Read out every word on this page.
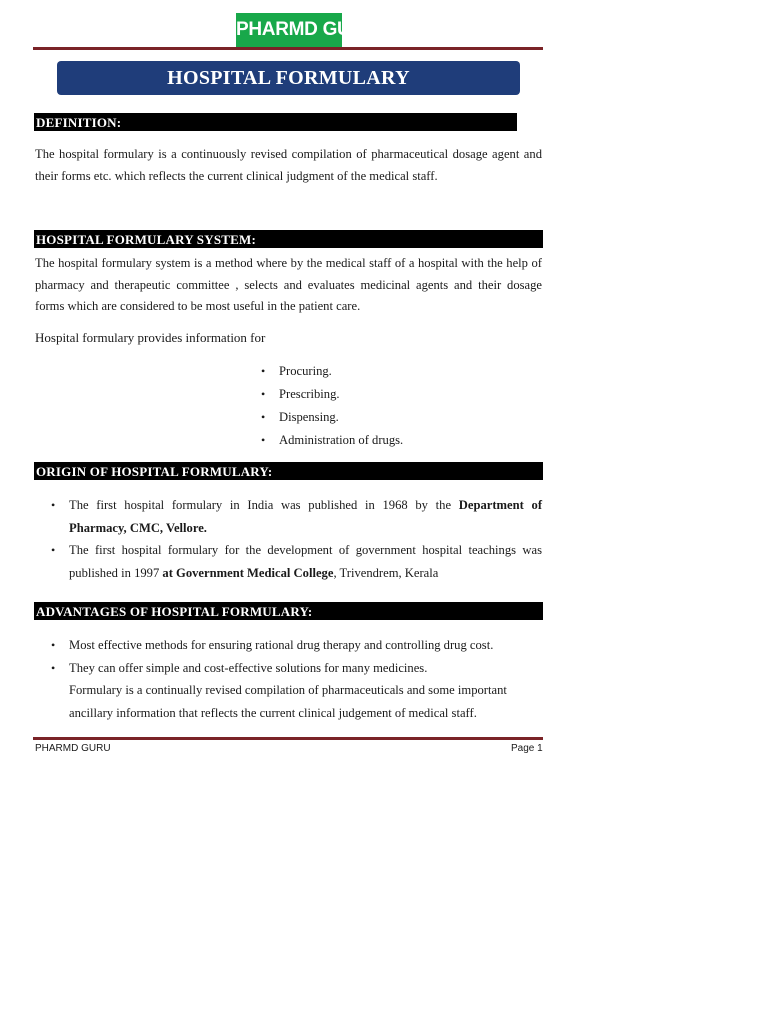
PHARMD GURU
HOSPITAL FORMULARY
DEFINITION:
The hospital formulary is a continuously revised compilation of pharmaceutical dosage agent and their forms etc. which reflects the current clinical judgment of the medical staff.
HOSPITAL FORMULARY SYSTEM:
The hospital formulary system is a method where by the medical staff of a hospital with the help of pharmacy and therapeutic committee , selects and evaluates medicinal agents and their dosage forms which are considered to be most useful in the patient care.
Hospital formulary provides information for
• Procuring.
• Prescribing.
• Dispensing.
• Administration of drugs.
ORIGIN OF HOSPITAL FORMULARY:
• The first hospital formulary in India was published in 1968 by the Department of Pharmacy, CMC, Vellore.
• The first hospital formulary for the development of government hospital teachings was published in 1997 at Government Medical College, Trivendrem, Kerala
ADVANTAGES OF HOSPITAL FORMULARY:
• Most effective methods for ensuring rational drug therapy and controlling drug cost.
• They can offer simple and cost-effective solutions for many medicines.
Formulary is a continually revised compilation of pharmaceuticals and some important ancillary information that reflects the current clinical judgement of medical staff.
PHARMD GURU	Page 1
